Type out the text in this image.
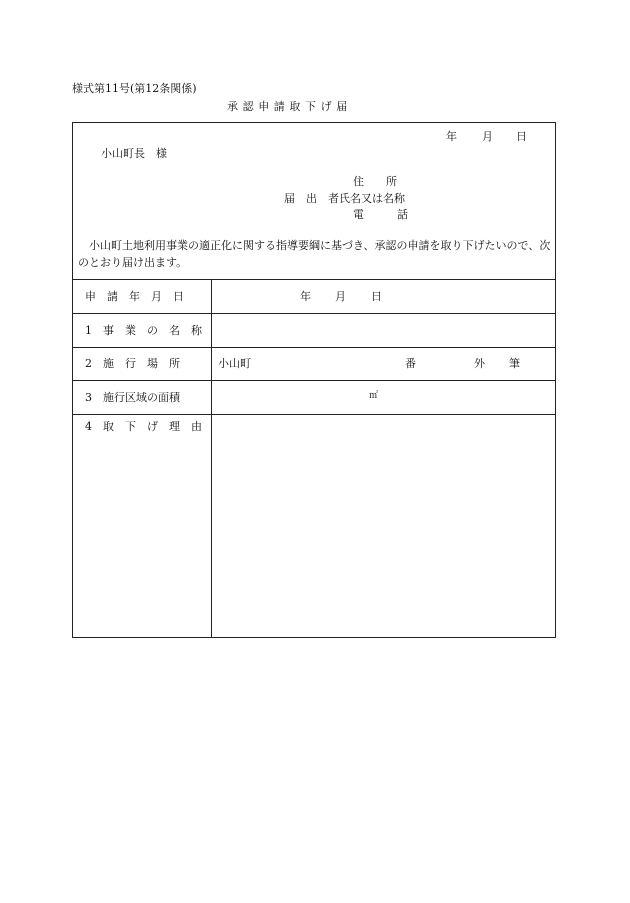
様式第11号(第12条関係)
承認申請取下げ届
年 月 日
小山町長　様
住　　所
届　出　者 氏名又は名称
電　　　話
小山町土地利用事業の適正化に関する指導要綱に基づき、承認の申請を取り下げたいので、次のとおり届け出ます。
申　請　年　月　日	年 月 日
1　事　業　の　名　称
2　施　行　場　所	小山町	番	外 筆
3　施行区域の面積	㎡
4　取　下　げ　理　由
